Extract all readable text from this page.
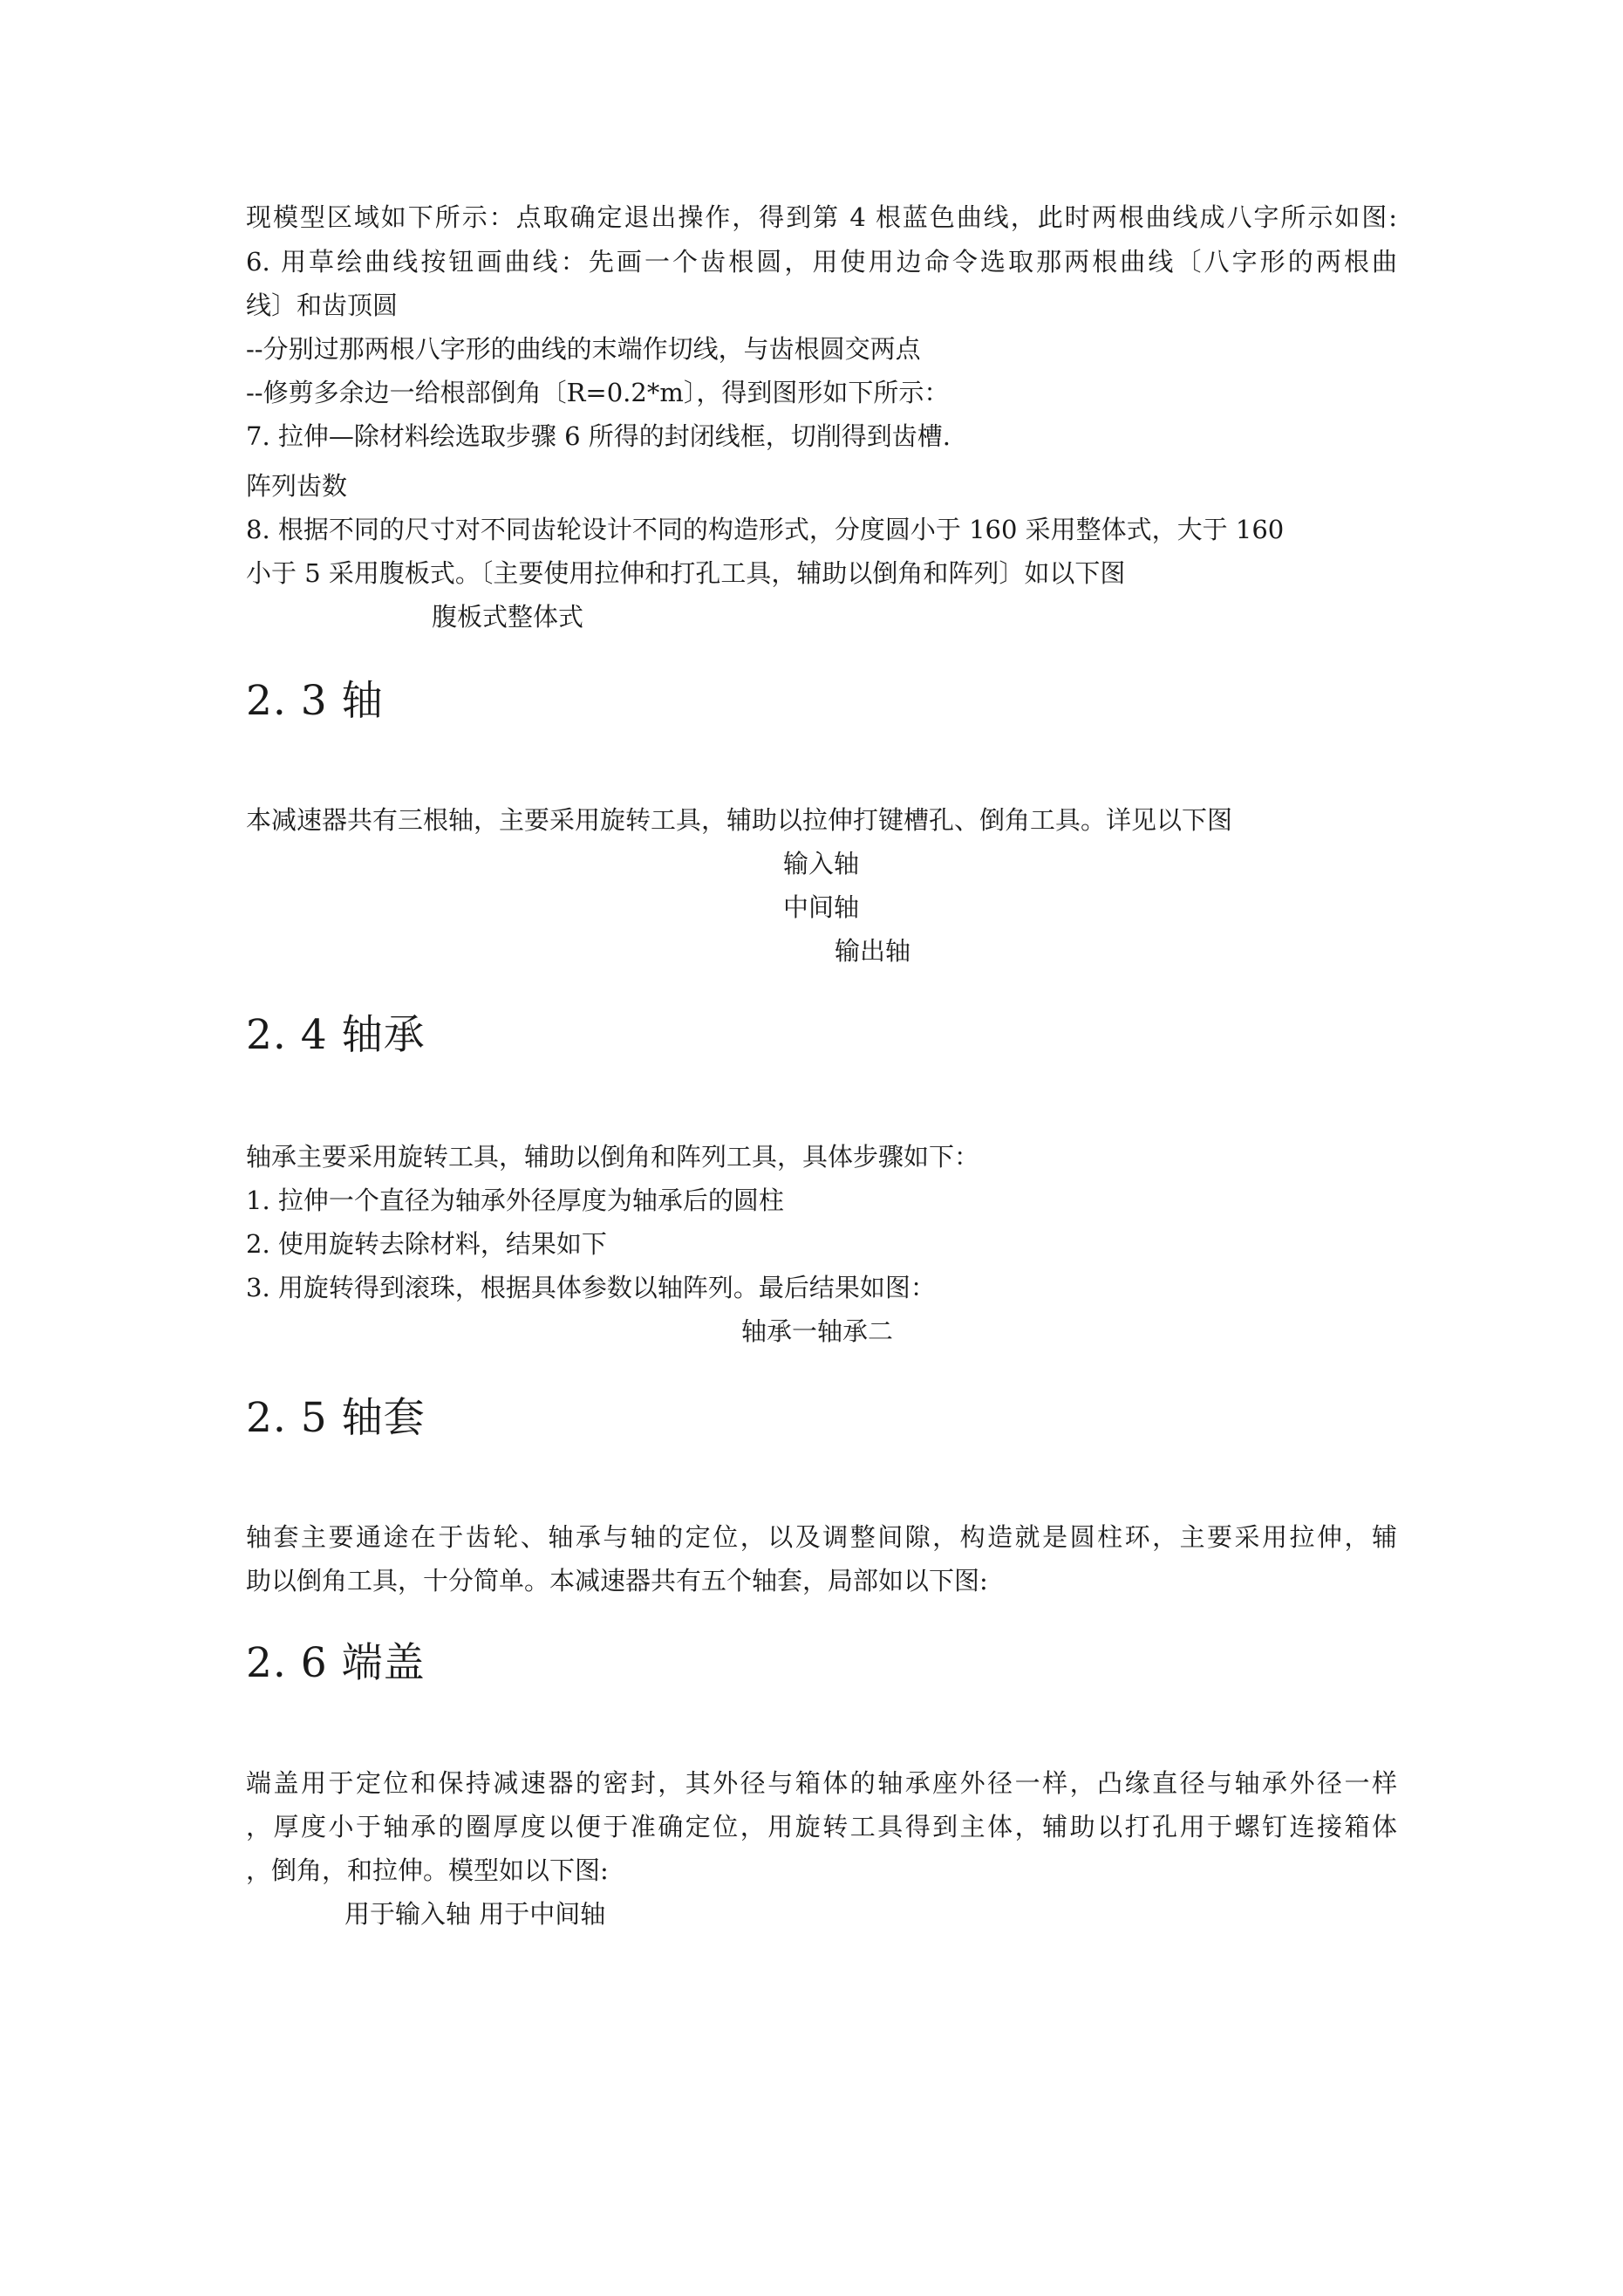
现模型区域如下所示：点取确定退出操作，得到第 4 根蓝色曲线，此时两根曲线成八字所示如图:
6. 用草绘曲线按钮画曲线：先画一个齿根圆，用使用边命令选取那两根曲线〔八字形的两根曲
线〕和齿顶圆
--分别过那两根八字形的曲线的末端作切线，与齿根圆交两点
--修剪多余边一给根部倒角〔R=0.2*m〕，得到图形如下所示：
7. 拉伸—除材料绘选取步骤 6 所得的封闭线框，切削得到齿槽.
阵列齿数
8. 根据不同的尺寸对不同齿轮设计不同的构造形式，分度圆小于 160 采用整体式，大于 160
小于 5 采用腹板式。〔主要使用拉伸和打孔工具，辅助以倒角和阵列〕如以下图
腹板式整体式
2. 3 轴
本减速器共有三根轴，主要采用旋转工具，辅助以拉伸打键槽孔、倒角工具。详见以下图
输入轴
中间轴
输出轴
2. 4 轴承
轴承主要采用旋转工具，辅助以倒角和阵列工具，具体步骤如下：
1. 拉伸一个直径为轴承外径厚度为轴承后的圆柱
2. 使用旋转去除材料，结果如下
3. 用旋转得到滚珠，根据具体参数以轴阵列。最后结果如图：
轴承一轴承二
2. 5 轴套
轴套主要通途在于齿轮、轴承与轴的定位，以及调整间隙，构造就是圆柱环，主要采用拉伸，辅
助以倒角工具，十分简单。本减速器共有五个轴套，局部如以下图:
2. 6 端盖
端盖用于定位和保持减速器的密封，其外径与箱体的轴承座外径一样，凸缘直径与轴承外径一样
，厚度小于轴承的圈厚度以便于准确定位，用旋转工具得到主体，辅助以打孔用于螺钉连接箱体
，倒角，和拉伸。模型如以下图:
用于输入轴 用于中间轴
